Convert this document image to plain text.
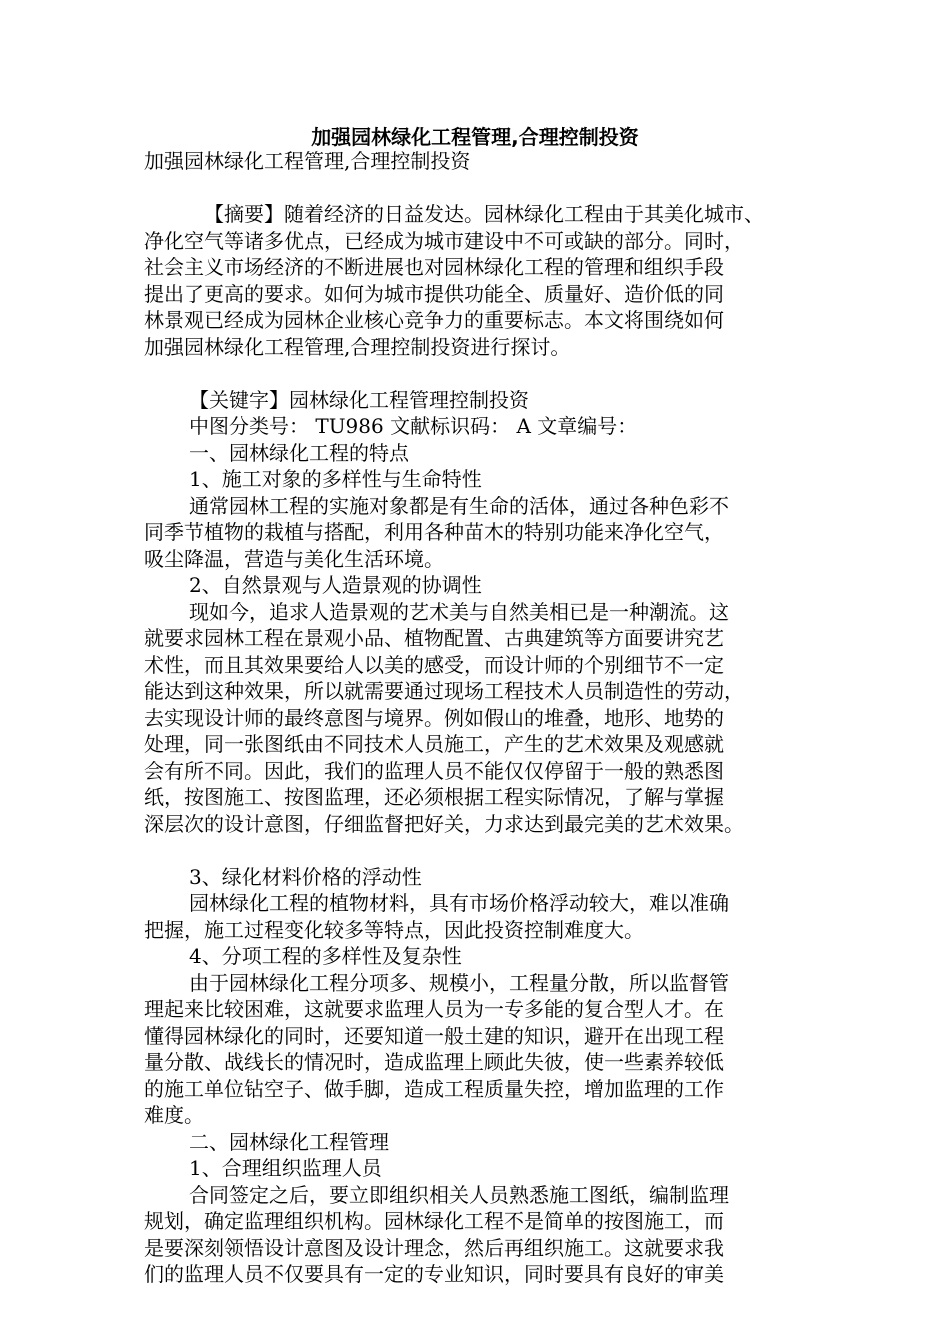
加强园林绿化工程管理,合理控制投资

加强园林绿化工程管理,合理控制投资

【摘要】随着经济的日益发达。园林绿化工程由于其美化城市、

净化空气等诸多优点，已经成为城市建设中不可或缺的部分。同时，

社会主义市场经济的不断进展也对园林绿化工程的管理和组织手段

提出了更高的要求。如何为城市提供功能全、质量好、造价低的同

林景观已经成为园林企业核心竞争力的重要标志。本文将围绕如何

加强园林绿化工程管理,合理控制投资进行探讨。

【关键字】园林绿化工程管理控制投资

中图分类号： TU986 文献标识码： A 文章编号：

一、园林绿化工程的特点

1、施工对象的多样性与生命特性

通常园林工程的实施对象都是有生命的活体，通过各种色彩不

同季节植物的栽植与搭配，利用各种苗木的特别功能来净化空气，

吸尘降温，营造与美化生活环境。

2、自然景观与人造景观的协调性

现如今，追求人造景观的艺术美与自然美相已是一种潮流。这

就要求园林工程在景观小品、植物配置、古典建筑等方面要讲究艺

术性，而且其效果要给人以美的感受，而设计师的个别细节不一定

能达到这种效果，所以就需要通过现场工程技术人员制造性的劳动，

去实现设计师的最终意图与境界。例如假山的堆叠，地形、地势的

处理，同一张图纸由不同技术人员施工，产生的艺术效果及观感就

会有所不同。因此，我们的监理人员不能仅仅停留于一般的熟悉图

纸，按图施工、按图监理，还必须根据工程实际情况，了解与掌握

深层次的设计意图，仔细监督把好关，力求达到最完美的艺术效果。

3、绿化材料价格的浮动性

园林绿化工程的植物材料，具有市场价格浮动较大，难以准确

把握，施工过程变化较多等特点，因此投资控制难度大。

4、分项工程的多样性及复杂性

由于园林绿化工程分项多、规模小，工程量分散，所以监督管

理起来比较困难，这就要求监理人员为一专多能的复合型人才。在

懂得园林绿化的同时，还要知道一般土建的知识，避开在出现工程

量分散、战线长的情况时，造成监理上顾此失彼，使一些素养较低

的施工单位钻空子、做手脚，造成工程质量失控，增加监理的工作

难度。

二、园林绿化工程管理

1、合理组织监理人员

合同签定之后，要立即组织相关人员熟悉施工图纸，编制监理

规划，确定监理组织机构。园林绿化工程不是简单的按图施工，而

是要深刻领悟设计意图及设计理念，然后再组织施工。这就要求我

们的监理人员不仅要具有一定的专业知识，同时要具有良好的审美
